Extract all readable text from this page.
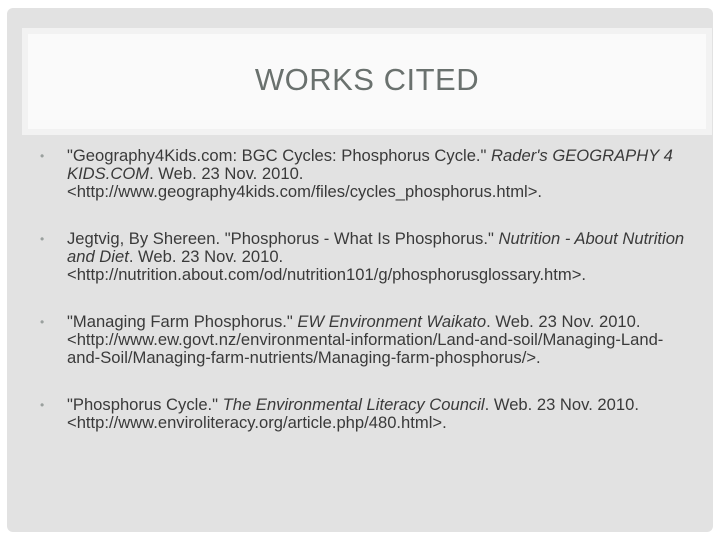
WORKS CITED
• "Geography4Kids.com: BGC Cycles: Phosphorus Cycle." Rader's GEOGRAPHY 4 KIDS.COM. Web. 23 Nov. 2010. <http://www.geography4kids.com/files/cycles_phosphorus.html>.
• Jegtvig, By Shereen. "Phosphorus - What Is Phosphorus." Nutrition - About Nutrition and Diet. Web. 23 Nov. 2010. <http://nutrition.about.com/od/nutrition101/g/phosphorusglossary.htm>.
• "Managing Farm Phosphorus." EW Environment Waikato. Web. 23 Nov. 2010. <http://www.ew.govt.nz/environmental-information/Land-and-soil/Managing-Land-and-Soil/Managing-farm-nutrients/Managing-farm-phosphorus/>.
• "Phosphorus Cycle." The Environmental Literacy Council. Web. 23 Nov. 2010. <http://www.enviroliteracy.org/article.php/480.html>.
